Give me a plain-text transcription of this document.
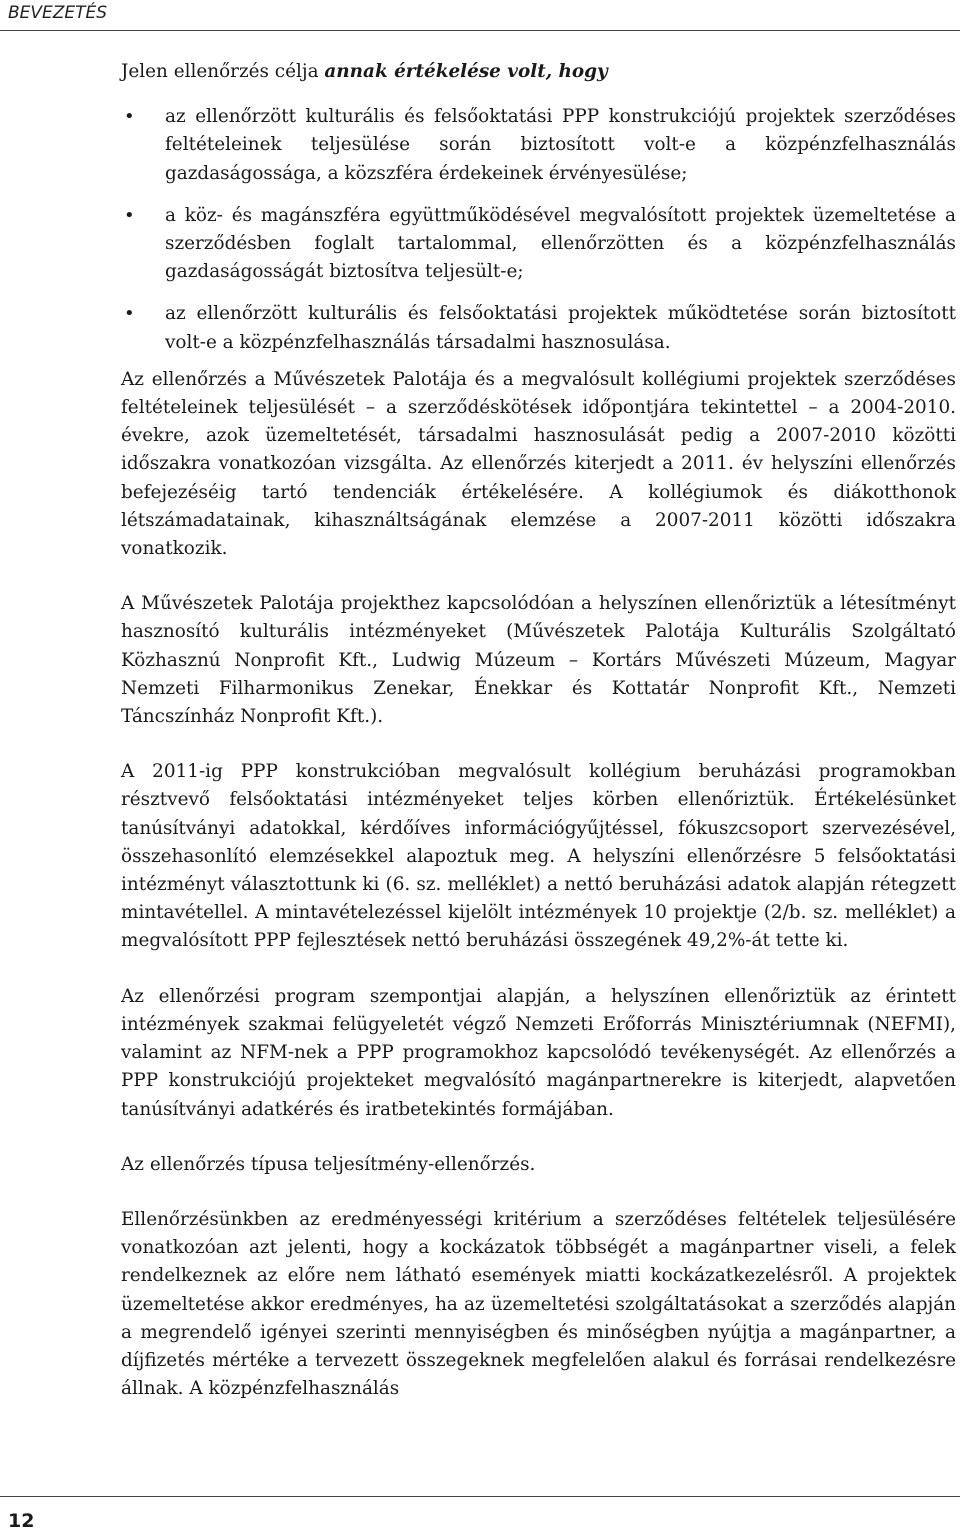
BEVEZETÉS

Jelen ellenőrzés célja annak értékelése volt, hogy

• az ellenőrzött kulturális és felsőoktatási PPP konstrukciójú projektek szerződéses feltételeinek teljesülése során biztosított volt-e a közpénzfelhasználás gazdaságossága, a közszféra érdekeinek érvényesülése;
• a köz- és magánszféra együttműködésével megvalósított projektek üzemeltetése a szerződésben foglalt tartalommal, ellenőrzötten és a közpénzfelhasználás gazdaságosságát biztosítva teljesült-e;
• az ellenőrzött kulturális és felsőoktatási projektek működtetése során biztosított volt-e a közpénzfelhasználás társadalmi hasznosulása.

Az ellenőrzés a Művészetek Palotája és a megvalósult kollégiumi projektek szerződéses feltételeinek teljesülését – a szerződéskötések időpontjára tekintettel – a 2004-2010. évekre, azok üzemeltetését, társadalmi hasznosulását pedig a 2007-2010 közötti időszakra vonatkozóan vizsgálta. Az ellenőrzés kiterjedt a 2011. év helyszíni ellenőrzés befejezéséig tartó tendenciák értékelésére. A kollégiumok és diákotthonok létszámadatainak, kihasználtságának elemzése a 2007-2011 közötti időszakra vonatkozik.

A Művészetek Palotája projekthez kapcsolódóan a helyszínen ellenőriztük a létesítményt hasznosító kulturális intézményeket (Művészetek Palotája Kulturális Szolgáltató Közhasznú Nonprofit Kft., Ludwig Múzeum – Kortárs Művészeti Múzeum, Magyar Nemzeti Filharmonikus Zenekar, Énekkar és Kottatár Nonprofit Kft., Nemzeti Táncszínház Nonprofit Kft.).

A 2011-ig PPP konstrukcióban megvalósult kollégium beruházási programokban résztvevő felsőoktatási intézményeket teljes körben ellenőriztük. Értékelésünket tanúsítványi adatokkal, kérdőíves információgyűjtéssel, fókuszcsoport szervezésével, összehasonlító elemzésekkel alapoztuk meg. A helyszíni ellenőrzésre 5 felsőoktatási intézményt választottunk ki (6. sz. melléklet) a nettó beruházási adatok alapján rétegzett mintavétellel. A mintavételezéssel kijelölt intézmények 10 projektje (2/b. sz. melléklet) a megvalósított PPP fejlesztések nettó beruházási összegének 49,2%-át tette ki.

Az ellenőrzési program szempontjai alapján, a helyszínen ellenőriztük az érintett intézmények szakmai felügyeletét végző Nemzeti Erőforrás Minisztériumnak (NEFMI), valamint az NFM-nek a PPP programokhoz kapcsolódó tevékenységét. Az ellenőrzés a PPP konstrukciójú projekteket megvalósító magánpartnerekre is kiterjedt, alapvetően tanúsítványi adatkérés és iratbetekintés formájában.

Az ellenőrzés típusa teljesítmény-ellenőrzés.

Ellenőrzésünkben az eredményességi kritérium a szerződéses feltételek teljesülésére vonatkozóan azt jelenti, hogy a kockázatok többségét a magánpartner viseli, a felek rendelkeznek az előre nem látható események miatti kockázatkezelésről. A projektek üzemeltetése akkor eredményes, ha az üzemeltetési szolgáltatásokat a szerződés alapján a megrendelő igényei szerinti mennyiségben és minőségben nyújtja a magánpartner, a díjfizetés mértéke a tervezett összegeknek megfelelően alakul és forrásai rendelkezésre állnak. A közpénzfelhasználás

12
